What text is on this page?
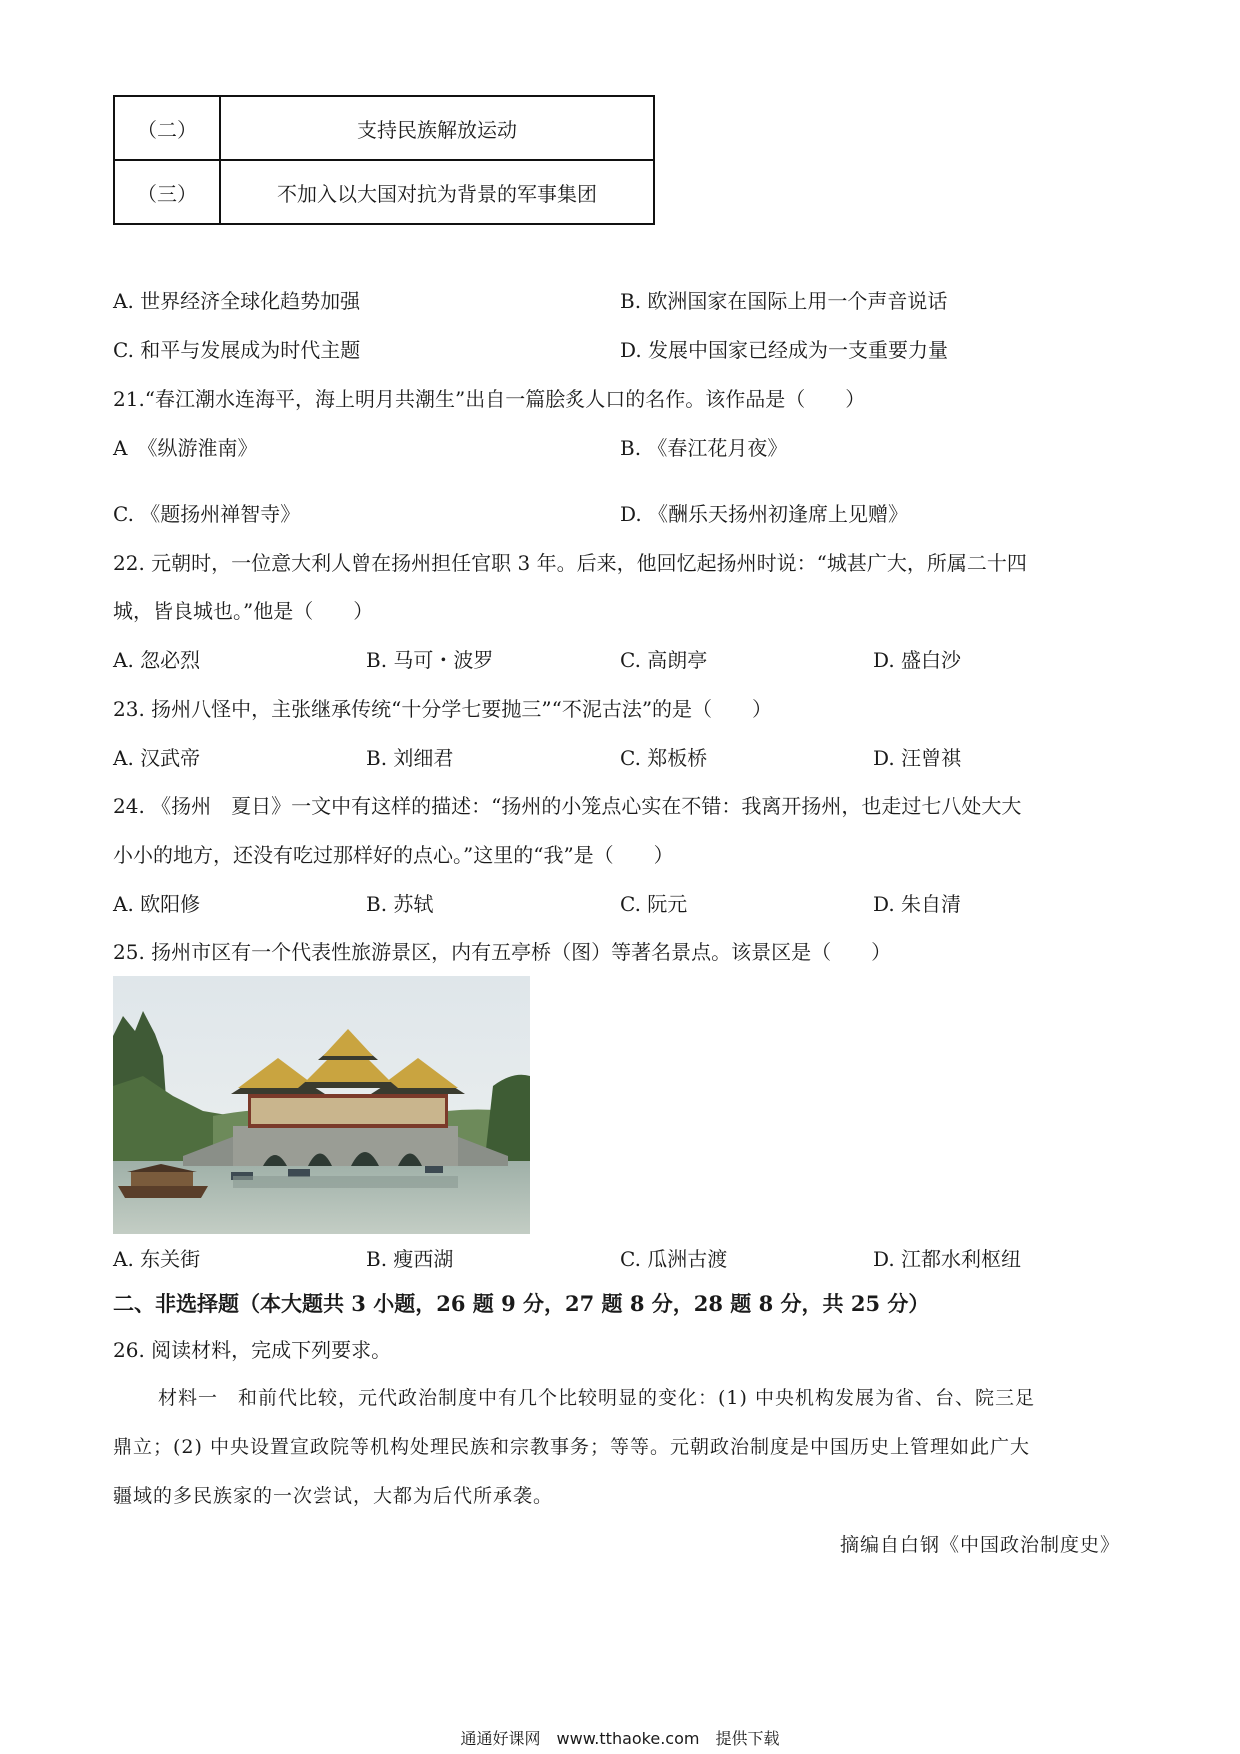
（二）	支持民族解放运动
（三）	不加入以大国对抗为背景的军事集团
A. 世界经济全球化趋势加强	B. 欧洲国家在国际上用一个声音说话
C. 和平与发展成为时代主题	D. 发展中国家已经成为一支重要力量
21.“春江潮水连海平，海上明月共潮生”出自一篇脍炙人口的名作。该作品是（　　）
A　《纵游淮南》	B. 《春江花月夜》
C. 《题扬州禅智寺》	D. 《酬乐天扬州初逢席上见赠》
22. 元朝时，一位意大利人曾在扬州担任官职 3 年。后来，他回忆起扬州时说：“城甚广大，所属二十四
城，皆良城也。”他是（　　）
A. 忽必烈	B. 马可・波罗	C. 高朗亭	D. 盛白沙
23. 扬州八怪中，主张继承传统“十分学七要抛三”“不泥古法”的是（　　）
A. 汉武帝	B. 刘细君	C. 郑板桥	D. 汪曾祺
24. 《扬州　夏日》一文中有这样的描述：“扬州的小笼点心实在不错：我离开扬州，也走过七八处大大
小小的地方，还没有吃过那样好的点心。”这里的“我”是（　　）
A. 欧阳修	B. 苏轼	C. 阮元	D. 朱自清
25. 扬州市区有一个代表性旅游景区，内有五亭桥（图）等著名景点。该景区是（　　）
A. 东关街	B. 瘦西湖	C. 瓜洲古渡	D. 江都水利枢纽
二、非选择题（本大题共 3 小题，26 题 9 分，27 题 8 分，28 题 8 分，共 25 分）
26. 阅读材料，完成下列要求。
材料一　和前代比较，元代政治制度中有几个比较明显的变化：(1) 中央机构发展为省、台、院三足
鼎立；(2) 中央设置宣政院等机构处理民族和宗教事务；等等。元朝政治制度是中国历史上管理如此广大
疆域的多民族家的一次尝试，大都为后代所承袭。
摘编自白钢《中国政治制度史》
通通好课网　www.tthaoke.com　提供下载
